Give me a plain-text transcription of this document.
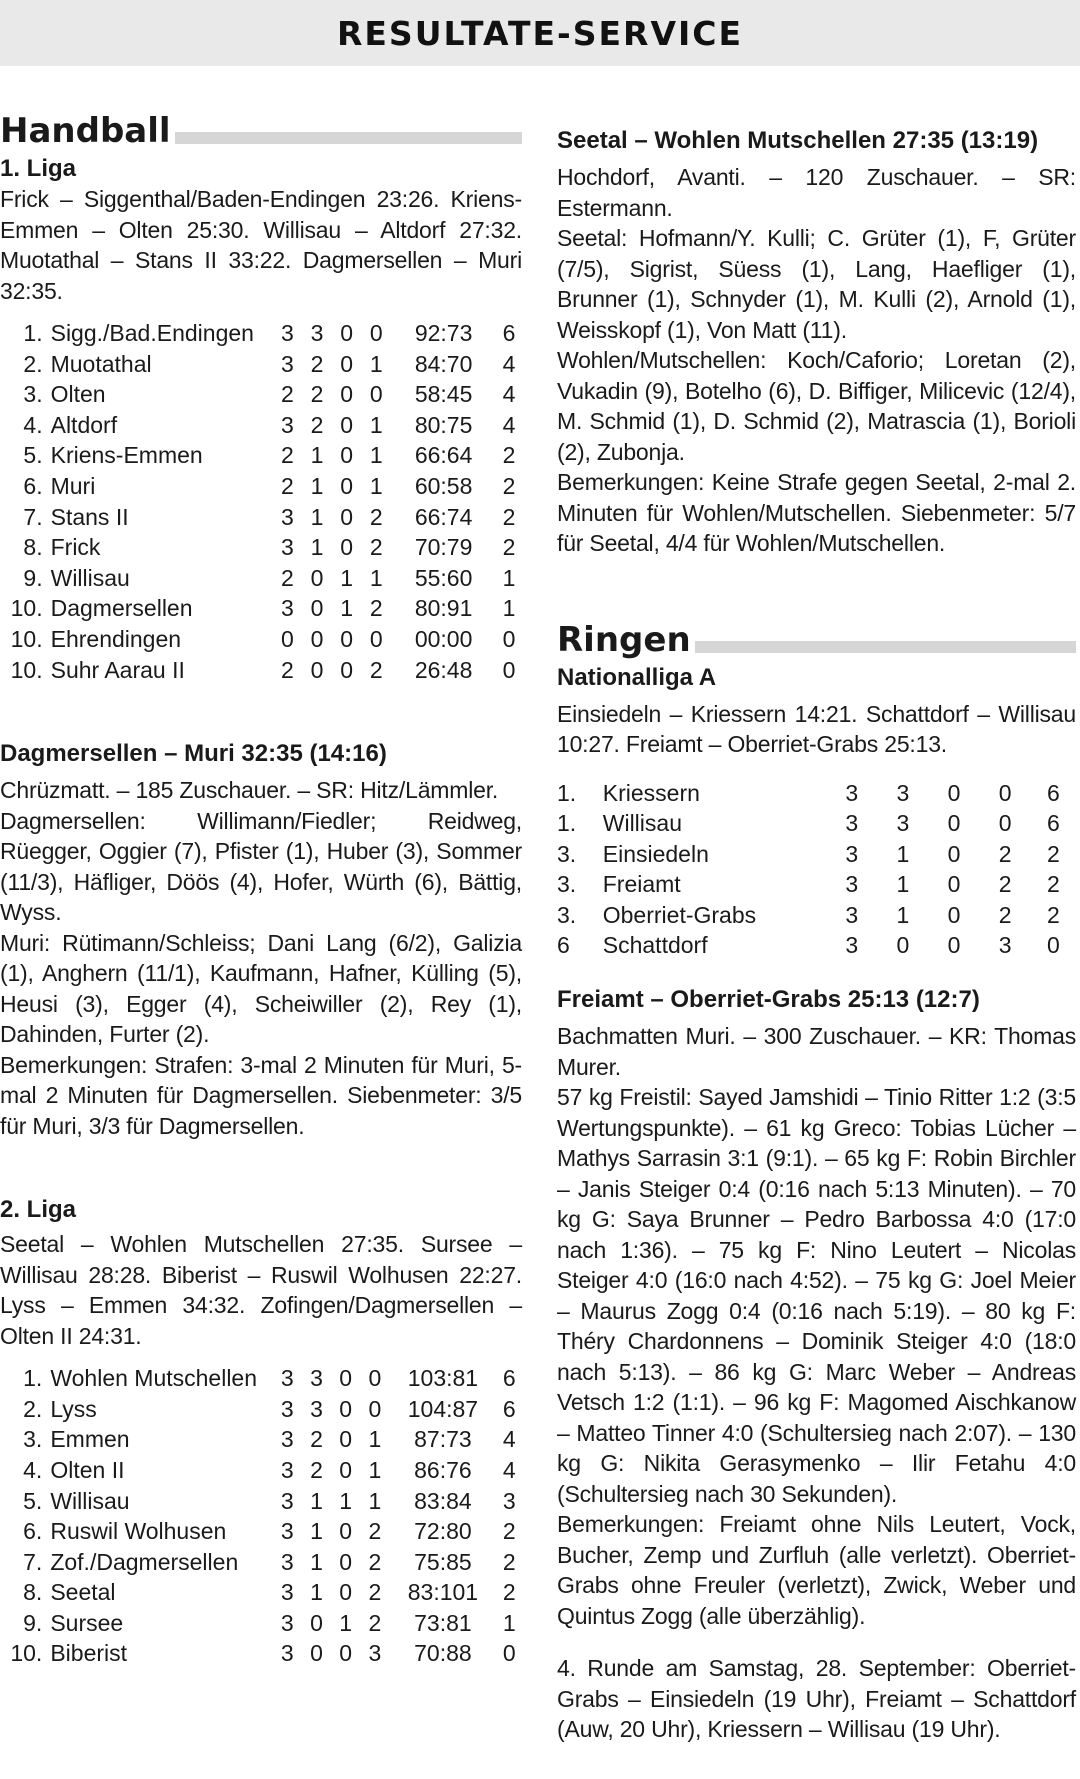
RESULTATE-SERVICE
Handball

1. Liga

Frick – Siggenthal/Baden-Endingen 23:26. Kriens-Emmen – Olten 25:30. Willisau – Altdorf 27:32. Muotathal – Stans II 33:22. Dagmersellen – Muri 32:35.

1.	Sigg./Bad.Endingen	3	3	0	0	92:73	6
2.	Muotathal	3	2	0	1	84:70	4
3.	Olten	2	2	0	0	58:45	4
4.	Altdorf	3	2	0	1	80:75	4
5.	Kriens-Emmen	2	1	0	1	66:64	2
6.	Muri	2	1	0	1	60:58	2
7.	Stans II	3	1	0	2	66:74	2
8.	Frick	3	1	0	2	70:79	2
9.	Willisau	2	0	1	1	55:60	1
10.	Dagmersellen	3	0	1	2	80:91	1
10.	Ehrendingen	0	0	0	0	00:00	0
10.	Suhr Aarau II	2	0	0	2	26:48	0

Dagmersellen – Muri 32:35 (14:16)

Chrüzmatt. – 185 Zuschauer. – SR: Hitz/Lämmler.

Dagmersellen: Willimann/Fiedler; Reidweg, Rüegger, Oggier (7), Pfister (1), Huber (3), Sommer (11/3), Häfliger, Döös (4), Hofer, Würth (6), Bättig, Wyss.

Muri: Rütimann/Schleiss; Dani Lang (6/2), Galizia (1), Anghern (11/1), Kaufmann, Hafner, Külling (5), Heusi (3), Egger (4), Scheiwiller (2), Rey (1), Dahinden, Furter (2).

Bemerkungen: Strafen: 3-mal 2 Minuten für Muri, 5-mal 2 Minuten für Dagmersellen. Siebenmeter: 3/5 für Muri, 3/3 für Dagmersellen.

2. Liga

Seetal – Wohlen Mutschellen 27:35. Sursee – Willisau 28:28. Biberist – Ruswil Wolhusen 22:27. Lyss – Emmen 34:32. Zofingen/Dagmersellen – Olten II 24:31.

1.	Wohlen Mutschellen	3	3	0	0	103:81	6
2.	Lyss	3	3	0	0	104:87	6
3.	Emmen	3	2	0	1	87:73	4
4.	Olten II	3	2	0	1	86:76	4
5.	Willisau	3	1	1	1	83:84	3
6.	Ruswil Wolhusen	3	1	0	2	72:80	2
7.	Zof./Dagmersellen	3	1	0	2	75:85	2
8.	Seetal	3	1	0	2	83:101	2
9.	Sursee	3	0	1	2	73:81	1
10.	Biberist	3	0	0	3	70:88	0

Seetal – Wohlen Mutschellen 27:35 (13:19)

Hochdorf, Avanti. – 120 Zuschauer. – SR: Estermann.

Seetal: Hofmann/Y. Kulli; C. Grüter (1), F, Grüter (7/5), Sigrist, Süess (1), Lang, Haefliger (1), Brunner (1), Schnyder (1), M. Kulli (2), Arnold (1), Weisskopf (1), Von Matt (11).

Wohlen/Mutschellen: Koch/Caforio; Loretan (2), Vukadin (9), Botelho (6), D. Biffiger, Milicevic (12/4), M. Schmid (1), D. Schmid (2), Matrascia (1), Borioli (2), Zubonja.

Bemerkungen: Keine Strafe gegen Seetal, 2-mal 2. Minuten für Wohlen/Mutschellen. Siebenmeter: 5/7 für Seetal, 4/4 für Wohlen/Mutschellen.

Ringen

Nationalliga A

Einsiedeln – Kriessern 14:21. Schattdorf – Willisau 10:27. Freiamt – Oberriet-Grabs 25:13.

1.	Kriessern	3	3	0	0	6
1.	Willisau	3	3	0	0	6
3.	Einsiedeln	3	1	0	2	2
3.	Freiamt	3	1	0	2	2
3.	Oberriet-Grabs	3	1	0	2	2
6	Schattdorf	3	0	0	3	0

Freiamt – Oberriet-Grabs 25:13 (12:7)

Bachmatten Muri. – 300 Zuschauer. – KR: Thomas Murer.

57 kg Freistil: Sayed Jamshidi – Tinio Ritter 1:2 (3:5 Wertungspunkte). – 61 kg Greco: Tobias Lücher – Mathys Sarrasin 3:1 (9:1). – 65 kg F: Robin Birchler – Janis Steiger 0:4 (0:16 nach 5:13 Minuten). – 70 kg G: Saya Brunner – Pedro Barbossa 4:0 (17:0 nach 1:36). – 75 kg F: Nino Leutert – Nicolas Steiger 4:0 (16:0 nach 4:52). – 75 kg G: Joel Meier – Maurus Zogg 0:4 (0:16 nach 5:19). – 80 kg F: Théry Chardonnens – Dominik Steiger 4:0 (18:0 nach 5:13). – 86 kg G: Marc Weber – Andreas Vetsch 1:2 (1:1). – 96 kg F: Magomed Aischkanow – Matteo Tinner 4:0 (Schultersieg nach 2:07). – 130 kg G: Nikita Gerasymenko – Ilir Fetahu 4:0 (Schultersieg nach 30 Sekunden).

Bemerkungen: Freiamt ohne Nils Leutert, Vock, Bucher, Zemp und Zurfluh (alle verletzt). Oberriet-Grabs ohne Freuler (verletzt), Zwick, Weber und Quintus Zogg (alle überzählig).

4. Runde am Samstag, 28. September: Oberriet-Grabs – Einsiedeln (19 Uhr), Freiamt – Schattdorf (Auw, 20 Uhr), Kriessern – Willisau (19 Uhr).
